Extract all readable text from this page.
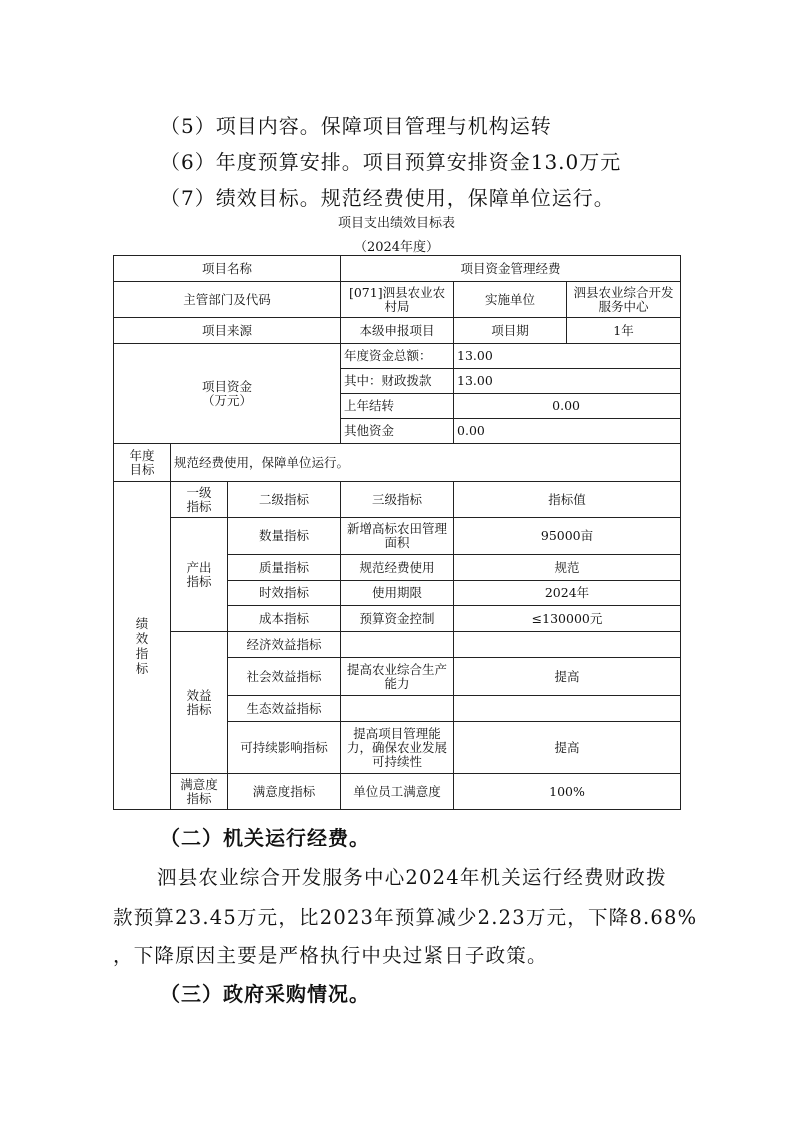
（5）项目内容。保障项目管理与机构运转
（6）年度预算安排。项目预算安排资金13.0万元
（7）绩效目标。规范经费使用，保障单位运行。
项目支出绩效目标表
（2024年度）
项目名称			项目资金管理经费		
主管部门及代码			[071]泗县农业农村局	实施单位	泗县农业综合开发服务中心
项目来源			本级申报项目	项目期	1年
项目资金（万元）			年度资金总额：	13.00	
			其中：财政拨款	13.00	
			上年结转	0.00	
			其他资金	0.00	
年度目标	规范经费使用，保障单位运行。				
绩效指标	一级指标	二级指标	三级指标	指标值	
	产出指标	数量指标	新增高标农田管理面积	95000亩	
		质量指标	规范经费使用	规范	
		时效指标	使用期限	2024年	
		成本指标	预算资金控制	≤130000元	
	效益指标	经济效益指标			
		社会效益指标	提高农业综合生产能力	提高	
		生态效益指标			
		可持续影响指标	提高项目管理能力，确保农业发展可持续性	提高	
	满意度指标	满意度指标	单位员工满意度	100%	
（二）机关运行经费。
泗县农业综合开发服务中心2024年机关运行经费财政拨
款预算23.45万元，比2023年预算减少2.23万元，下降8.68%
，下降原因主要是严格执行中央过紧日子政策。
（三）政府采购情况。
